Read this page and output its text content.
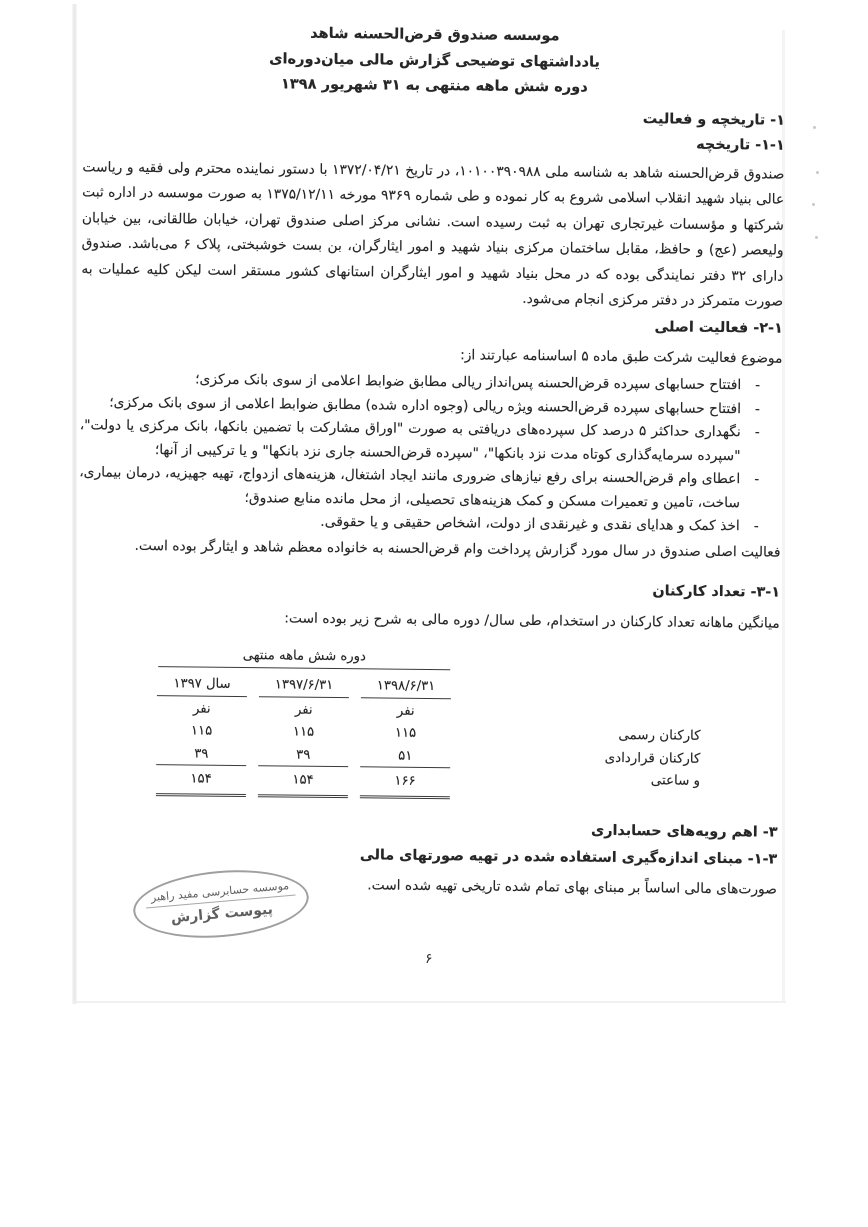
موسسه صندوق قرض‌الحسنه شاهد
یادداشتهای توضیحی گزارش مالی میان‌دوره‌ای
دوره شش ماهه منتهی به ۳۱ شهریور ۱۳۹۸
۱- تاریخچه و فعالیت
۱-۱- تاریخچه
صندوق قرض‌الحسنه شاهد به شناسه ملی ۱۰۱۰۰۳۹۰۹۸۸، در تاریخ ۱۳۷۲/۰۴/۲۱ با دستور نماینده محترم ولی فقیه و ریاست عالی بنیاد شهید انقلاب اسلامی شروع به کار نموده و طی شماره ۹۳۶۹ مورخه ۱۳۷۵/۱۲/۱۱ به صورت موسسه در اداره ثبت شرکتها و مؤسسات غیرتجاری تهران به ثبت رسیده است. نشانی مرکز اصلی صندوق تهران، خیابان طالقانی، بین خیابان ولیعصر (عج) و حافظ، مقابل ساختمان مرکزی بنیاد شهید و امور ایثارگران، بن بست خوشبختی، پلاک ۶ می‌باشد. صندوق دارای ۳۲ دفتر نمایندگی بوده که در محل بنیاد شهید و امور ایثارگران استانهای کشور مستقر است لیکن کلیه عملیات به صورت متمرکز در دفتر مرکزی انجام می‌شود.
۲-۱- فعالیت اصلی
موضوع فعالیت شرکت طبق ماده ۵ اساسنامه عبارتند از:
-
افتتاح حسابهای سپرده قرض‌الحسنه پس‌انداز ریالی مطابق ضوابط اعلامی از سوی بانک مرکزی؛
-
افتتاح حسابهای سپرده قرض‌الحسنه ویژه ریالی (وجوه اداره شده) مطابق ضوابط اعلامی از سوی بانک مرکزی؛
-
نگهداری حداکثر ۵ درصد کل سپرده‌های دریافتی به صورت "اوراق مشارکت با تضمین بانکها، بانک مرکزی یا دولت"، "سپرده سرمایه‌گذاری کوتاه مدت نزد بانکها"، "سپرده قرض‌الحسنه جاری نزد بانکها" و یا ترکیبی از آنها؛
-
اعطای وام قرض‌الحسنه برای رفع نیازهای ضروری مانند ایجاد اشتغال، هزینه‌های ازدواج، تهیه جهیزیه، درمان بیماری، ساخت، تامین و تعمیرات مسکن و کمک هزینه‌های تحصیلی، از محل مانده منابع صندوق؛
-
اخذ کمک و هدایای نقدی و غیرنقدی از دولت، اشخاص حقیقی و یا حقوقی.
فعالیت اصلی صندوق در سال مورد گزارش پرداخت وام قرض‌الحسنه به خانواده معظم شاهد و ایثارگر بوده است.
۳-۱- تعداد کارکنان
میانگین ماهانه تعداد کارکنان در استخدام، طی سال/ دوره مالی به شرح زیر بوده است:
دوره شش ماهه منتهی
۱۳۹۸/۶/۳۱
۱۳۹۷/۶/۳۱
سال ۱۳۹۷
نفر
نفر
نفر
کارکنان رسمی
۱۱۵
۱۱۵
۱۱۵
کارکنان قراردادی و ساعتی
۵۱
۳۹
۳۹
۱۶۶
۱۵۴
۱۵۴
۳- اهم رویه‌های حسابداری
۱-۳- مبنای اندازه‌گیری استفاده شده در تهیه صورتهای مالی
صورت‌های مالی اساساً بر مبنای بهای تمام شده تاریخی تهیه شده است.
موسسه حسابرسی مفید راهبر
پیوست گزارش
۶
